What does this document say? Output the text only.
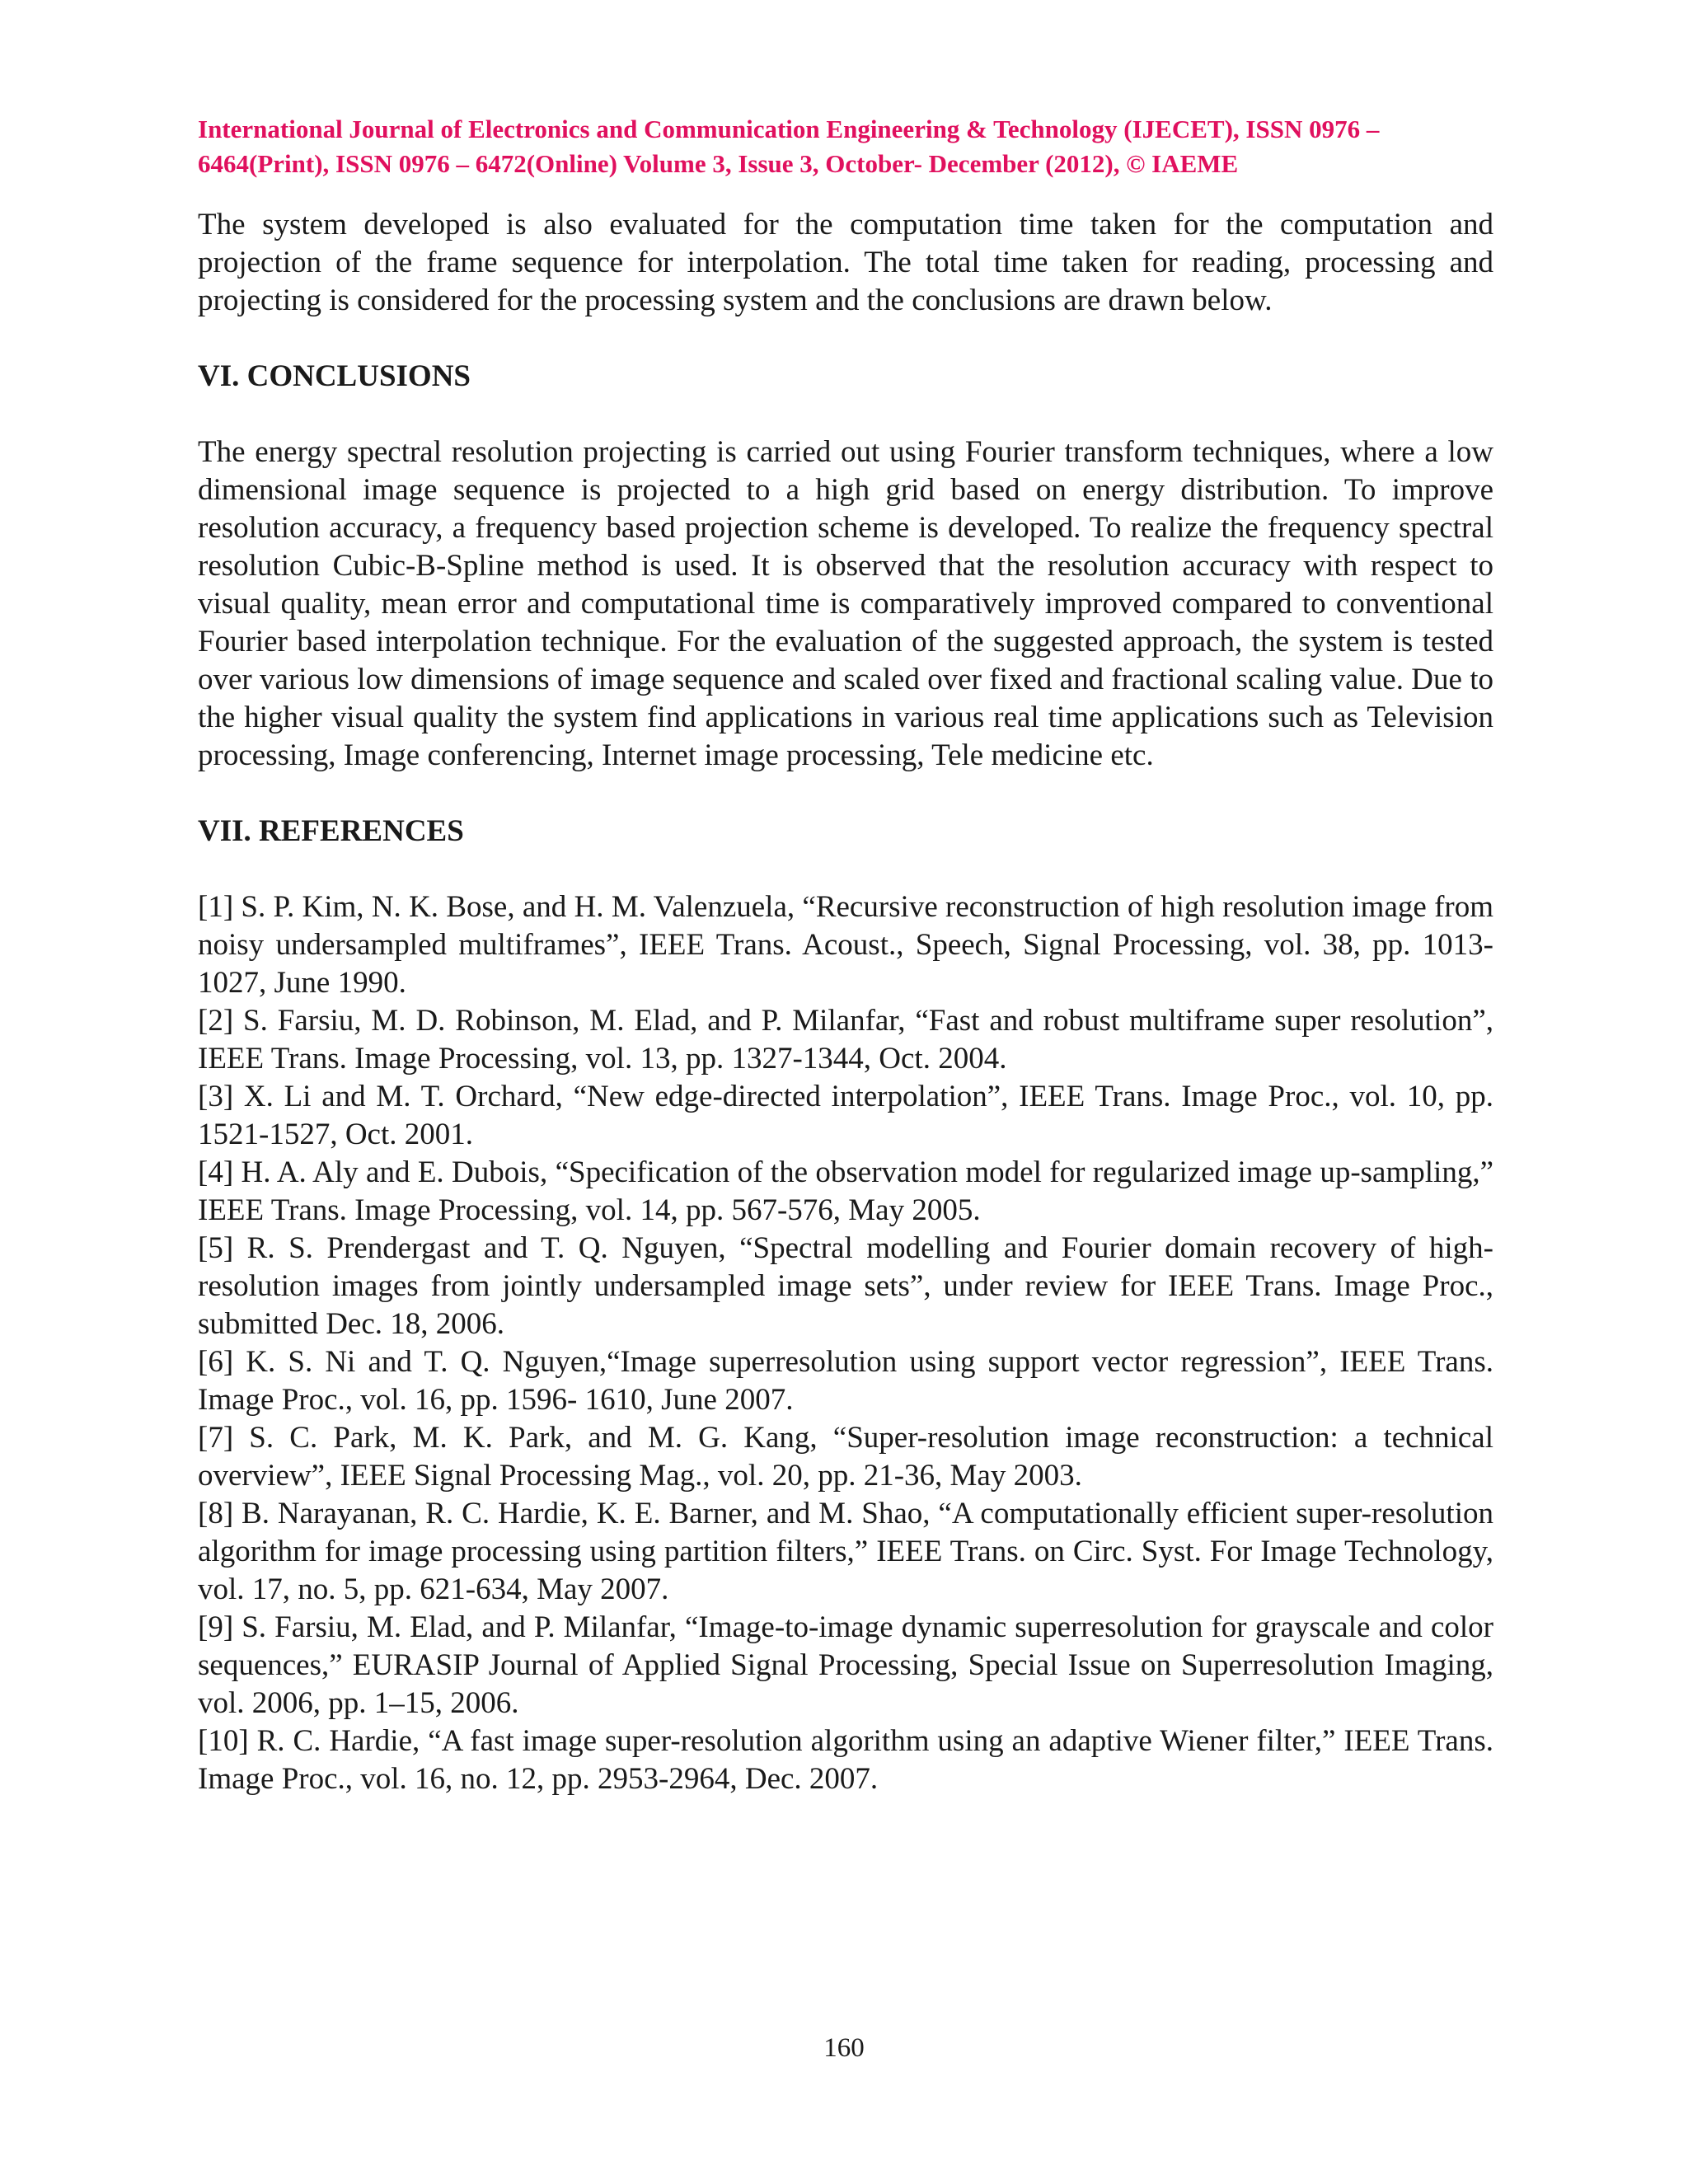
International Journal of Electronics and Communication Engineering & Technology (IJECET), ISSN 0976 – 6464(Print), ISSN 0976 – 6472(Online) Volume 3, Issue 3, October- December (2012), © IAEME

The system developed is also evaluated for the computation time taken for the computation and projection of the frame sequence for interpolation. The total time taken for reading, processing and projecting is considered for the processing system and the conclusions are drawn below.

VI. CONCLUSIONS

The energy spectral resolution projecting is carried out using Fourier transform techniques, where a low dimensional image sequence is projected to a high grid based on energy distribution. To improve resolution accuracy, a frequency based projection scheme is developed. To realize the frequency spectral resolution Cubic-B-Spline method is used. It is observed that the resolution accuracy with respect to visual quality, mean error and computational time is comparatively improved compared to conventional Fourier based interpolation technique. For the evaluation of the suggested approach, the system is tested over various low dimensions of image sequence and scaled over fixed and fractional scaling value. Due to the higher visual quality the system find applications in various real time applications such as Television processing, Image conferencing, Internet image processing, Tele medicine etc.

VII. REFERENCES
[1] S. P. Kim, N. K. Bose, and H. M. Valenzuela, “Recursive reconstruction of high resolution image from noisy undersampled multiframes”, IEEE Trans. Acoust., Speech, Signal Processing, vol. 38, pp. 1013-1027, June 1990.
[2] S. Farsiu, M. D. Robinson, M. Elad, and P. Milanfar, “Fast and robust multiframe super resolution”, IEEE Trans. Image Processing, vol. 13, pp. 1327-1344, Oct. 2004.
[3] X. Li and M. T. Orchard, “New edge-directed interpolation”, IEEE Trans. Image Proc., vol. 10, pp. 1521-1527, Oct. 2001.
[4] H. A. Aly and E. Dubois, “Specification of the observation model for regularized image up-sampling,” IEEE Trans. Image Processing, vol. 14, pp. 567-576, May 2005.
[5] R. S. Prendergast and T. Q. Nguyen, “Spectral modelling and Fourier domain recovery of high-resolution images from jointly undersampled image sets”, under review for IEEE Trans. Image Proc., submitted Dec. 18, 2006.
[6] K. S. Ni and T. Q. Nguyen,“Image superresolution using support vector regression”, IEEE Trans. Image Proc., vol. 16, pp. 1596- 1610, June 2007.
[7] S. C. Park, M. K. Park, and M. G. Kang, “Super-resolution image reconstruction: a technical overview”, IEEE Signal Processing Mag., vol. 20, pp. 21-36, May 2003.
[8] B. Narayanan, R. C. Hardie, K. E. Barner, and M. Shao, “A computationally efficient super-resolution algorithm for image processing using partition filters,” IEEE Trans. on Circ. Syst. For Image Technology, vol. 17, no. 5, pp. 621-634, May 2007.
[9] S. Farsiu, M. Elad, and P. Milanfar, “Image-to-image dynamic superresolution for grayscale and color sequences,” EURASIP Journal of Applied Signal Processing, Special Issue on Superresolution Imaging, vol. 2006, pp. 1–15, 2006.
[10] R. C. Hardie, “A fast image super-resolution algorithm using an adaptive Wiener filter,” IEEE Trans. Image Proc., vol. 16, no. 12, pp. 2953-2964, Dec. 2007.
160
